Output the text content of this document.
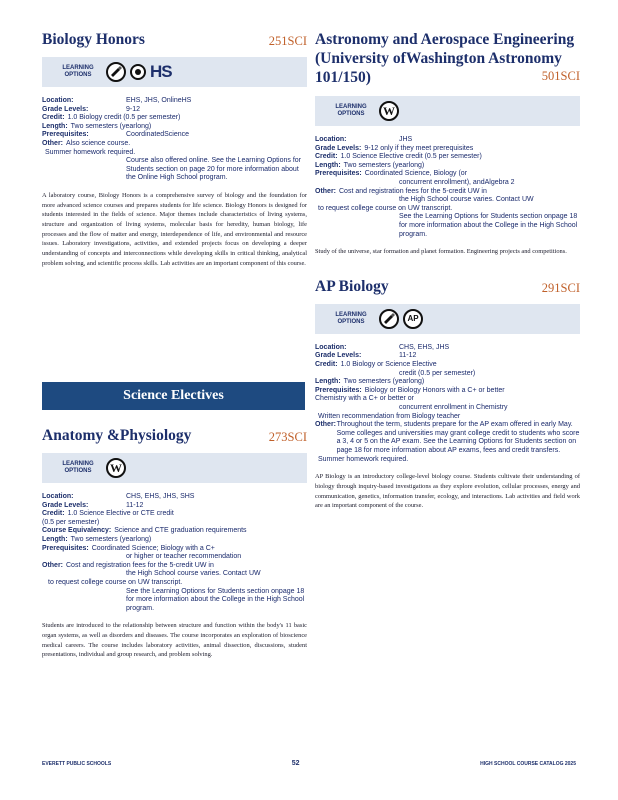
Biology Honors	251SCI
LEARNING OPTIONS	HS
Location:	EHS, JHS, OnlineHS
Grade Levels:	9-12
Credit: 1.0 Biology credit (0.5 per semester)
Length: Two semesters (yearlong)
Prerequisites:	CoordinatedScience
Other: Also science course.
Summer homework required.
Course also offered online. See the Learning Options for Students section on page 20 for more information about the Online High School program.

A laboratory course, Biology Honors is a comprehensive survey of biology and the foundation for more advanced science courses and prepares students for life science. Biology Honors is designed for students interested in the fields of science. Major themes include characteristics of living systems, structure and organization of living systems, molecular basis for heredity, human biology, life processes and the flow of matter and energy, interdependence of life, and environmental and resource issues. Laboratory investigations, activities, and extended projects focus on developing a deeper understanding of concepts and interconnections while developing skills in critical thinking, analytical problem solving, and scientific process skills. Lab activities are an important component of this course.

Science Electives
Anatomy &Physiology	273SCI
LEARNING OPTIONS	W
Location:	CHS, EHS, JHS, SHS
Grade Levels:	11-12
Credit: 1.0 Science Elective or CTE credit
(0.5 per semester)
Course Equivalency: Science and CTE graduation requirements
Length: Two semesters (yearlong)
Prerequisites: Coordinated Science; Biology with a C+
or higher or teacher recommendation
Other: Cost and registration fees for the 5-credit UW in
the High School course varies. Contact UW
to request college course on UW transcript.
See the Learning Options for Students section onpage 18 for more information about the College in the High School program.

Students are introduced to the relationship between structure and function within the body's 11 basic organ systems, as well as disorders and diseases. The course incorporates an exploration of bioscience medical careers. The course includes laboratory activities, animal dissection, discussions, student presentations, individual and group research, and problem solving.

Astronomy and Aerospace Engineering (University ofWashington Astronomy 101/150)	501SCI
LEARNING OPTIONS	W
Location:	JHS
Grade Levels: 9-12 only if they meet prerequisites
Credit: 1.0 Science Elective credit (0.5 per semester)
Length: Two semesters (yearlong)
Prerequisites: Coordinated Science, Biology (or
concurrent enrollment), andAlgebra 2
Other: Cost and registration fees for the 5-credit UW in
the High School course varies. Contact UW
to request college course on UW transcript.
See the Learning Options for Students section onpage 18 for more information about the College in the High School program.

Study of the universe, star formation and planet formation. Engineering projects and competitions.

AP Biology	291SCI
LEARNING OPTIONS	AP
Location:	CHS, EHS, JHS
Grade Levels:	11-12
Credit: 1.0 Biology or Science Elective
credit (0.5 per semester)
Length: Two semesters (yearlong)
Prerequisites: Biology or Biology Honors with a C+ or better
Chemistry with a C+ or better or
concurrent enrollment in Chemistry
Written recommendation from Biology teacher
Other: Throughout the term, students prepare for the AP exam offered in early May. Some colleges and universities may grant college credit to students who score a 3, 4 or 5 on the AP exam. See the Learning Options for Students section on page 18 for more information about AP exams, fees and credit transfers.
Summer homework required.

AP Biology is an introductory college-level biology course. Students cultivate their understanding of biology through inquiry-based investigations as they explore evolution, cellular processes, energy and communication, genetics, information transfer, ecology, and interactions. Lab activities and field work are an important component of the course.

EVERETT PUBLIC SCHOOLS	52	HIGH SCHOOL COURSE CATALOG 2025
